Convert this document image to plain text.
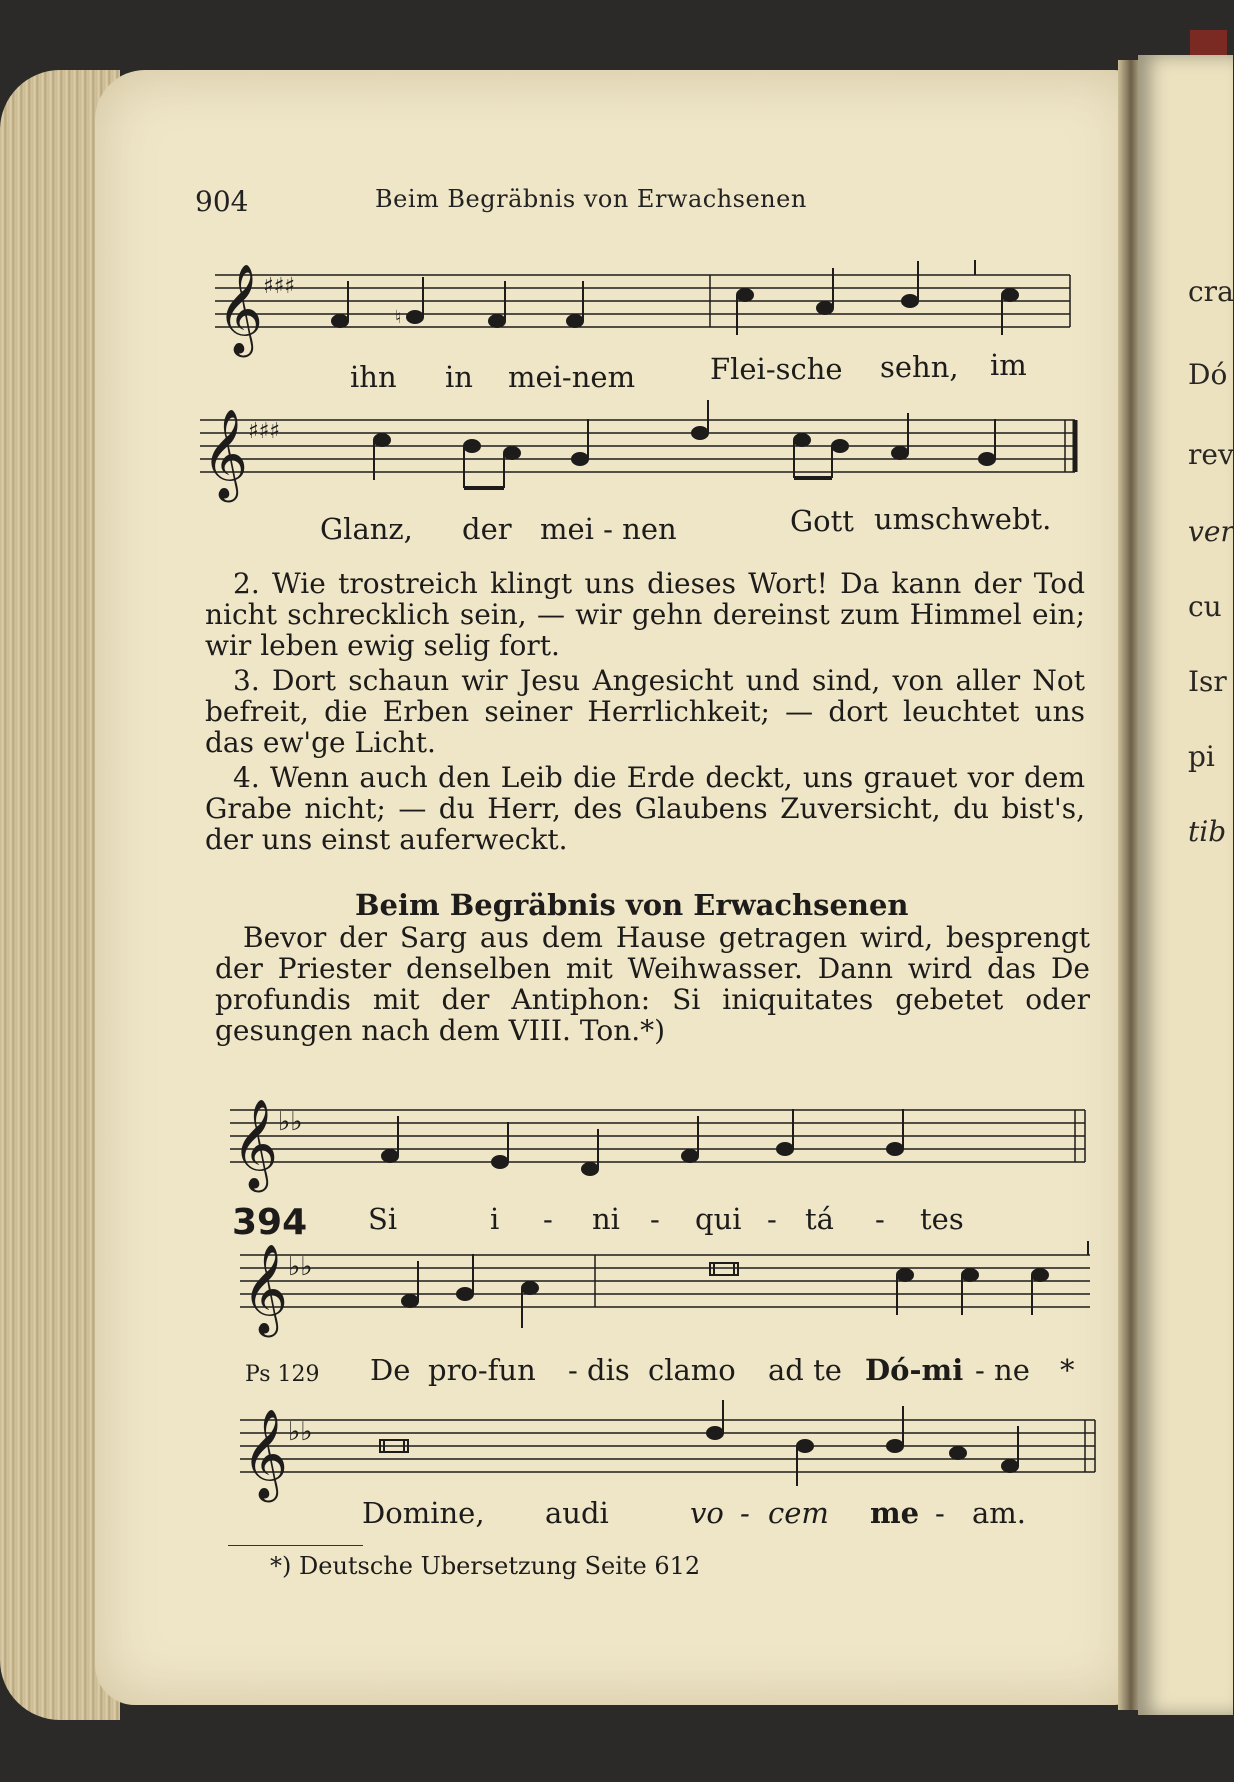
cra
Dó
rev
ver
cu
Isr
pi
tib
904	Beim Begräbnis von Erwachsenen
𝄞 ♯♯♯
♮
ihn in mei-nem	Flei-sche sehn, im
𝄞 ♯♯♯
Glanz, der mei - nen	Gott umschwebt.

2. Wie trostreich klingt uns dieses Wort! Da kann der Tod nicht schrecklich sein, — wir gehn dereinst zum Himmel ein; wir leben ewig selig fort.

3. Dort schaun wir Jesu Angesicht und sind, von aller Not befreit, die Erben seiner Herrlichkeit; — dort leuchtet uns das ew'ge Licht.

4. Wenn auch den Leib die Erde deckt, uns grauet vor dem Grabe nicht; — du Herr, des Glaubens Zuversicht, du bist's, der uns einst auferweckt.

Beim Begräbnis von Erwachsenen
Bevor der Sarg aus dem Hause getragen wird, besprengt der Priester denselben mit Weihwasser. Dann wird das De profundis mit der Antiphon: Si iniquitates gebetet oder gesungen nach dem VIII. Ton.*)
𝄞 ♭♭
394 Si	i - ni - qui - tá - tes
𝄞 ♭♭
Ps 129 De pro-fun - dis clamo ad te Dó-mi - ne *
𝄞 ♭♭
Domine, audi	vo - cem me - am.
*) Deutsche Ubersetzung Seite 612
